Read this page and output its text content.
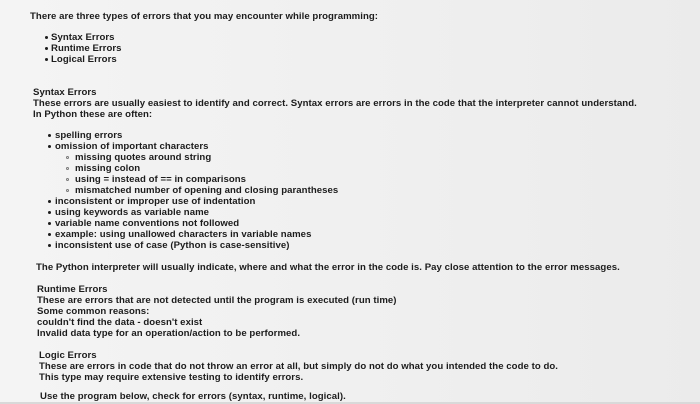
There are three types of errors that you may encounter while programming:
Syntax Errors
Runtime Errors
Logical Errors
Syntax Errors
These errors are usually easiest to identify and correct. Syntax errors are errors in the code that the interpreter cannot understand.
In Python these are often:
spelling errors
omission of important characters
missing quotes around string
missing colon
using = instead of == in comparisons
mismatched number of opening and closing parantheses
inconsistent or improper use of indentation
using keywords as variable name
variable name conventions not followed
example: using unallowed characters in variable names
inconsistent use of case (Python is case-sensitive)
The Python interpreter will usually indicate, where and what the error in the code is. Pay close attention to the error messages.
Runtime Errors
These are errors that are not detected until the program is executed (run time)
Some common reasons:
couldn't find the data - doesn't exist
Invalid data type for an operation/action to be performed.
Logic Errors
These are errors in code that do not throw an error at all, but simply do not do what you intended the code to do.
This type may require extensive testing to identify errors.
Use the program below, check for errors (syntax, runtime, logical).
